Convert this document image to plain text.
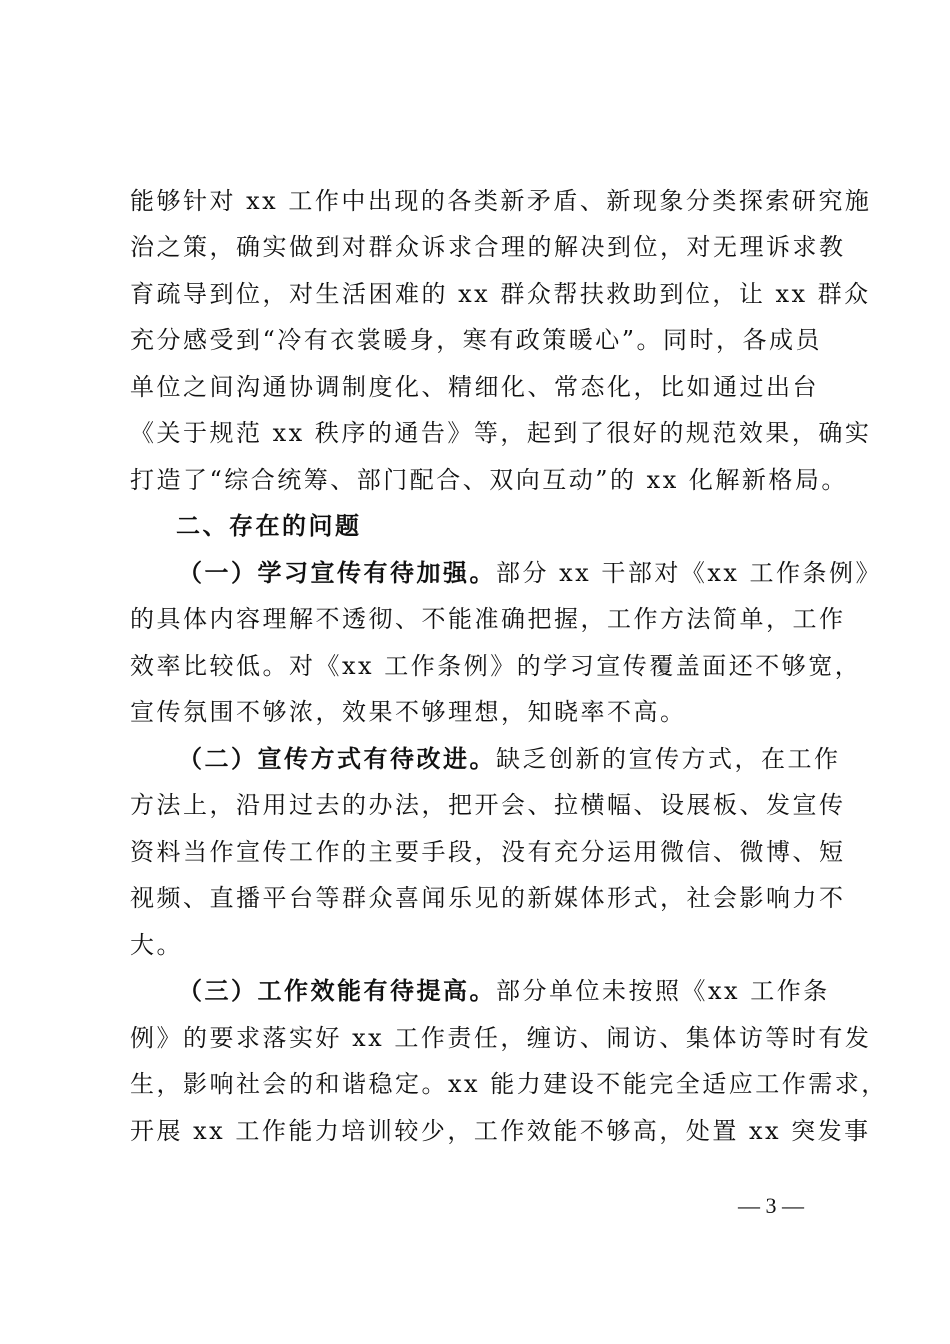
能够针对 xx 工作中出现的各类新矛盾、新现象分类探索研究施
治之策，确实做到对群众诉求合理的解决到位，对无理诉求教
育疏导到位，对生活困难的 xx 群众帮扶救助到位，让 xx 群众
充分感受到“冷有衣裳暖身，寒有政策暖心”。同时，各成员
单位之间沟通协调制度化、精细化、常态化，比如通过出台
《关于规范 xx 秩序的通告》等，起到了很好的规范效果，确实
打造了“综合统筹、部门配合、双向互动”的 xx 化解新格局。
二、存在的问题
（一）学习宣传有待加强。部分 xx 干部对《xx 工作条例》
的具体内容理解不透彻、不能准确把握，工作方法简单，工作
效率比较低。对《xx 工作条例》的学习宣传覆盖面还不够宽，
宣传氛围不够浓，效果不够理想，知晓率不高。
（二）宣传方式有待改进。缺乏创新的宣传方式，在工作
方法上，沿用过去的办法，把开会、拉横幅、设展板、发宣传
资料当作宣传工作的主要手段，没有充分运用微信、微博、短
视频、直播平台等群众喜闻乐见的新媒体形式，社会影响力不
大。
（三）工作效能有待提高。部分单位未按照《xx 工作条
例》的要求落实好 xx 工作责任，缠访、闹访、集体访等时有发
生，影响社会的和谐稳定。xx 能力建设不能完全适应工作需求，
开展 xx 工作能力培训较少，工作效能不够高，处置 xx 突发事
— 3 —
